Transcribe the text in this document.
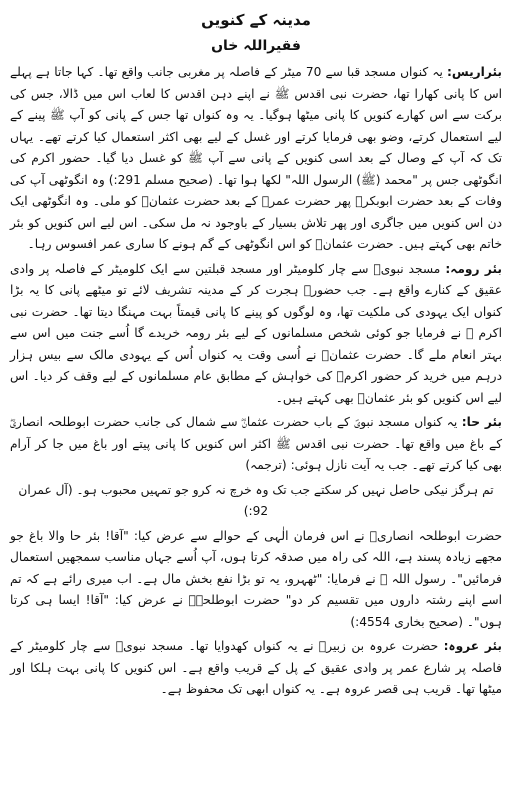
مدینہ کے کنویں
فقیراللہ خاں

بئراریس: یہ کنواں مسجد قبا سے 70 میٹر کے فاصلہ پر مغربی جانب واقع تھا۔ کہا جاتا ہے پہلے اس کا پانی کھارا تھا، حضرت نبی اقدس ﷺ نے اپنے دہن اقدس کا لعاب اس میں ڈالا، جس کی برکت سے اس کھارے کنویں کا پانی میٹھا ہوگیا۔ یہ وہ کنواں تھا جس کے پانی کو آپ ﷺ پینے کے لیے استعمال کرتے، وضو بھی فرمایا کرتے اور غسل کے لیے بھی اکثر استعمال کیا کرتے تھے۔ یہاں تک کہ آپ کے وصال کے بعد اسی کنویں کے پانی سے آپ ﷺ کو غسل دیا گیا۔ حضور اکرم کی انگوٹھی جس پر "محمد (ﷺ) الرسول اللہ" لکھا ہوا تھا۔ (صحیح مسلم 291:) وہ انگوٹھی آپ کی وفات کے بعد حضرت ابوبکرؓ پھر حضرت عمرؓ کے بعد حضرت عثمانؓ کو ملی۔ وہ انگوٹھی ایک دن اس کنویں میں جاگری اور پھر تلاش بسیار کے باوجود نہ مل سکی۔ اس لیے اس کنویں کو بئر خاتم بھی کہتے ہیں۔ حضرت عثمانؓ کو اس انگوٹھی کے گم ہونے کا ساری عمر افسوس رہا۔

بئر رومہ: مسجد نبویؐ سے چار کلومیٹر اور مسجد قبلتین سے ایک کلومیٹر کے فاصلہ پر وادی عقیق کے کنارے واقع ہے۔ جب حضورؐ ہجرت کر کے مدینہ تشریف لائے تو میٹھے پانی کا یہ بڑا کنواں ایک یہودی کی ملکیت تھا، وہ لوگوں کو پینے کا پانی قیمتاً بہت مہنگا دیتا تھا۔ حضرت نبی اکرم ﷺ نے فرمایا جو کوئی شخص مسلمانوں کے لیے بئر رومہ خریدے گا اُسے جنت میں اس سے بہتر انعام ملے گا۔ حضرت عثمانؓ نے اُسی وقت یہ کنواں اُس کے یہودی مالک سے بیس ہزار درہم میں خرید کر حضور اکرمؐ کی خواہش کے مطابق عام مسلمانوں کے لیے وقف کر دیا۔ اس لیے اس کنویں کو بئر عثمانؓ بھی کہتے ہیں۔

بئر حا: یہ کنواں مسجد نبویؐ کے باب حضرت عثمانؓ سے شمال کی جانب حضرت ابوطلحہ انصاریؓ کے باغ میں واقع تھا۔ حضرت نبی اقدس ﷺ اکثر اس کنویں کا پانی پیتے اور باغ میں جا کر آرام بھی کیا کرتے تھے۔ جب یہ آیت نازل ہوئی: (ترجمہ)

تم ہرگز نیکی حاصل نہیں کر سکتے جب تک وہ خرچ نہ کرو جو تمہیں محبوب ہو۔ (آل عمران 92:)

حضرت ابوطلحہ انصاریؓ نے اس فرمان الٰہی کے حوالے سے عرض کیا: "آقا! بئر حا والا باغ جو مجھے زیادہ پسند ہے، اللہ کی راہ میں صدقہ کرتا ہوں، آپ اُسے جہاں مناسب سمجھیں استعمال فرمائیں"۔ رسول اللہ ﷺ نے فرمایا: "ٹھہرو، یہ تو بڑا نفع بخش مال ہے۔ اب میری رائے ہے کہ تم اسے اپنے رشتہ داروں میں تقسیم کر دو" حضرت ابوطلحہؓ نے عرض کیا: "آقا! ایسا ہی کرتا ہوں"۔ (صحیح بخاری 4554:)

بئر عروہ: حضرت عروہ بن زبیرؓ نے یہ کنواں کھدوایا تھا۔ مسجد نبویؐ سے چار کلومیٹر کے فاصلہ پر شارع عمر پر وادی عقیق کے پل کے قریب واقع ہے۔ اس کنویں کا پانی بہت ہلکا اور میٹھا تھا۔ قریب ہی قصر عروہ ہے۔ یہ کنواں ابھی تک محفوظ ہے۔
